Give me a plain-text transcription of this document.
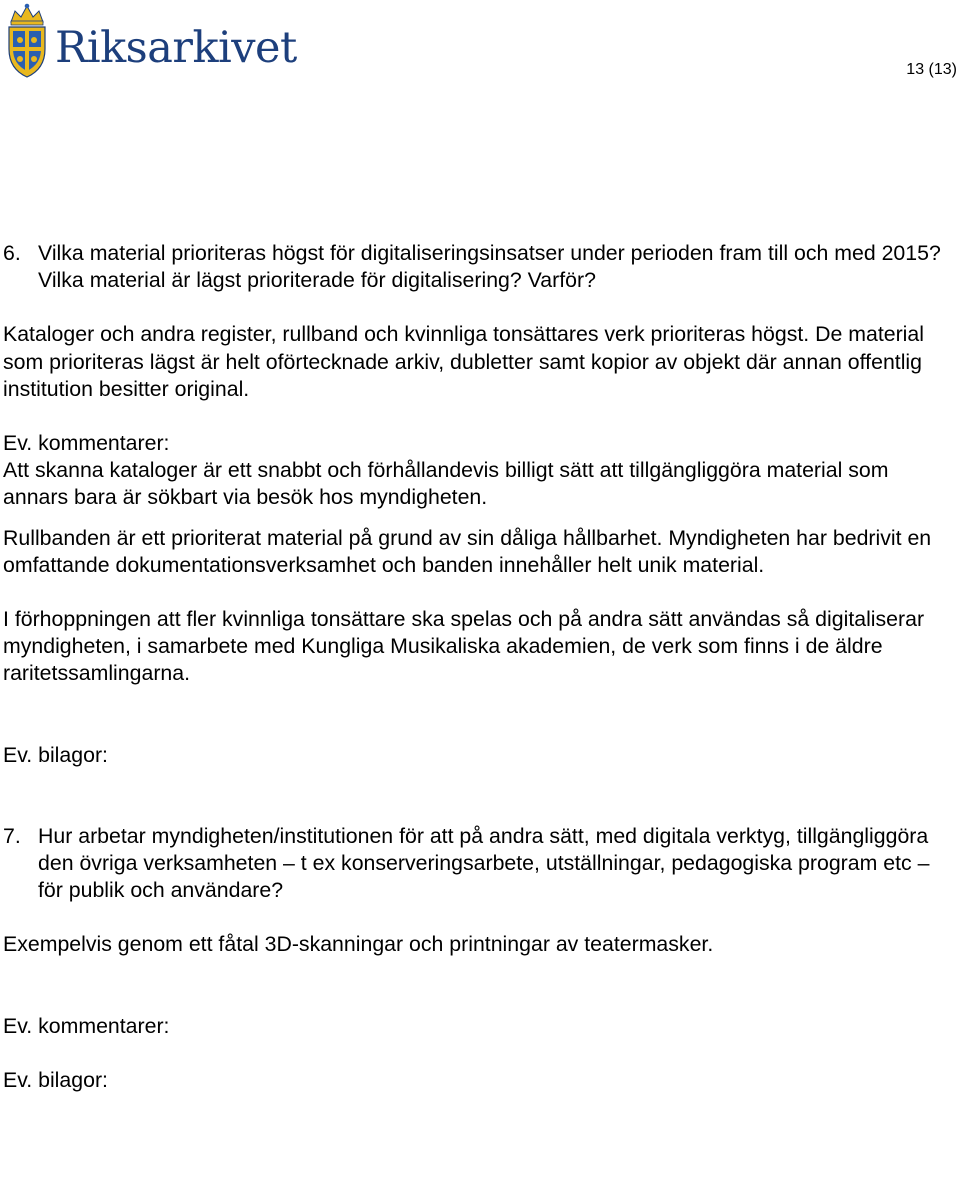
Riksarkivet	13 (13)
6. Vilka material prioriteras högst för digitaliseringsinsatser under perioden fram till och med 2015? Vilka material är lägst prioriterade för digitalisering? Varför?

Kataloger och andra register, rullband och kvinnliga tonsättares verk prioriteras högst. De material som prioriteras lägst är helt oförtecknade arkiv, dubletter samt kopior av objekt där annan offentlig institution besitter original.

Ev. kommentarer:

Att skanna kataloger är ett snabbt och förhållandevis billigt sätt att tillgängliggöra material som annars bara är sökbart via besök hos myndigheten.

Rullbanden är ett prioriterat material på grund av sin dåliga hållbarhet. Myndigheten har bedrivit en omfattande dokumentationsverksamhet och banden innehåller helt unik material.

I förhoppningen att fler kvinnliga tonsättare ska spelas och på andra sätt användas så digitaliserar myndigheten, i samarbete med Kungliga Musikaliska akademien, de verk som finns i de äldre raritetssamlingarna.

Ev. bilagor:

7. Hur arbetar myndigheten/institutionen för att på andra sätt, med digitala verktyg, tillgängliggöra den övriga verksamheten – t ex konserveringsarbete, utställningar, pedagogiska program etc – för publik och användare?

Exempelvis genom ett fåtal 3D-skanningar och printningar av teatermasker.

Ev. kommentarer:

Ev. bilagor:
